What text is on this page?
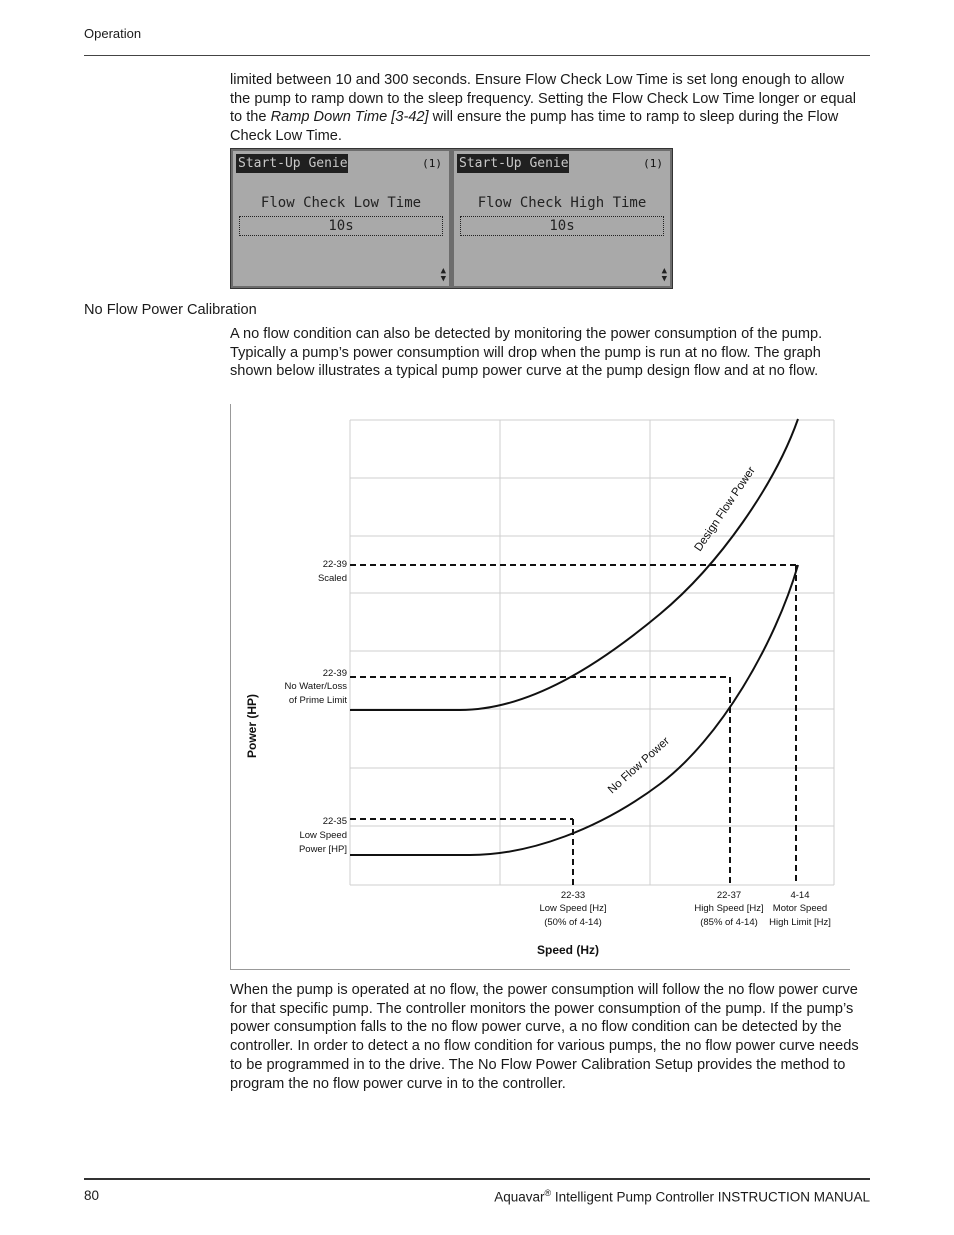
Operation

limited between 10 and 300 seconds. Ensure Flow Check Low Time is set long enough to allow the pump to ramp down to the sleep frequency. Setting the Flow Check Low Time longer or equal to the Ramp Down Time [3-42] will ensure the pump has time to ramp to sleep during the Flow Check Low Time.

Start-Up Genie	(1)
Flow Check Low Time
10s
▲
▼
Start-Up Genie	(1)
Flow Check High Time
10s
▲
▼
No Flow Power Calibration

A no flow condition can also be detected by monitoring the power consumption of the pump. Typically a pump’s power consumption will drop when the pump is run at no flow. The graph shown below illustrates a typical pump power curve at the pump design flow and at no flow.

Design Flow Power
No Flow Power
Power (HP)
Speed (Hz)
22-39
Scaled
22-39
No Water/Loss
of Prime Limit
22-35
Low Speed
Power [HP]
22-33
Low Speed [Hz]
(50% of 4-14)
22-37
High Speed [Hz]
(85% of 4-14)
4-14
Motor Speed
High Limit [Hz]

When the pump is operated at no flow, the power consumption will follow the no flow power curve for that specific pump. The controller monitors the power consumption of the pump. If the pump’s power consumption falls to the no flow power curve, a no flow condition can be detected by the controller. In order to detect a no flow condition for various pumps, the no flow power curve needs to be programmed in to the drive. The No Flow Power Calibration Setup provides the method to program the no flow power curve in to the controller.

80	Aquavar® Intelligent Pump Controller INSTRUCTION MANUAL
